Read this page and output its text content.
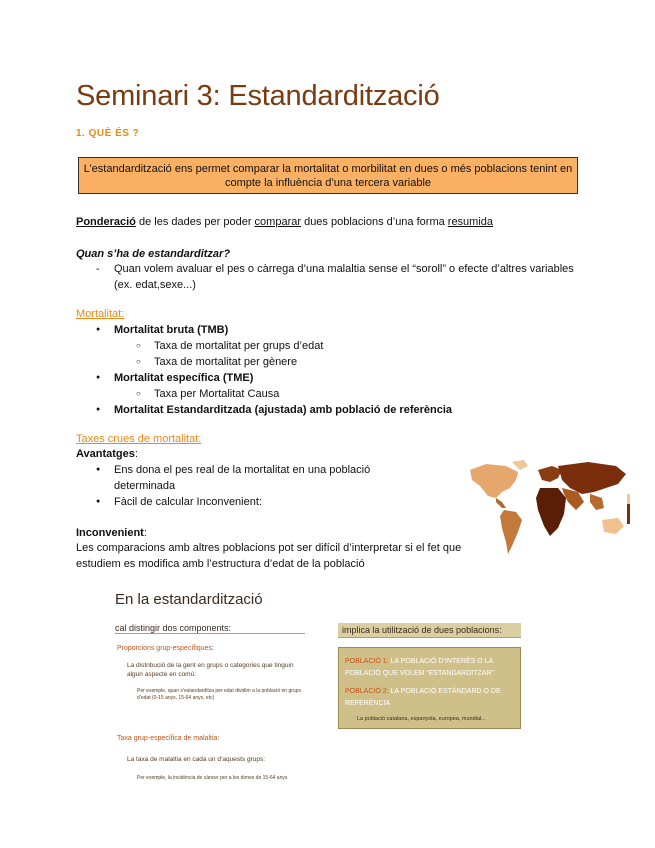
Seminari 3: Estandardització
1. QUÈ ÉS ?
L’estandardització ens permet comparar la mortalitat o morbilitat en dues o més poblacions tenint en compte la influència d’una tercera variable
Ponderació de les dades per poder comparar dues poblacions d’una forma resumida
Quan s’ha de estandarditzar?
- Quan volem avaluar el pes o càrrega d’una malaltia sense el “soroll” o efecte d’altres variables (ex. edat,sexe...)
Mortalitat:
● Mortalitat bruta (TMB)
○ Taxa de mortalitat per grups d’edat
○ Taxa de mortalitat per gènere
● Mortalitat específica (TME)
○ Taxa per Mortalitat Causa
● Mortalitat Estandarditzada (ajustada) amb població de referència
Taxes crues de mortalitat:
Avantatges:
● Ens dona el pes real de la mortalitat en una població determinada
● Fàcil de calcular Inconvenient:
Inconvenient:
Les comparacions amb altres poblacions pot ser difícil d’interpretar si el fet que estudiem es modifica amb l’estructura d’edat de la població
En la estandardització
cal distingir dos components:	implica la utilització de dues poblacions:
Proporcions grup-específiques:
La distribució de la gent en grups o categories que tinguin algun aspecte en comú:
Per exemple, quan s’estandarditza per edat dividim a la població en grups d’edat (0-15 anys, 15-64 anys, etc)
Taxa grup-específica de malaltia:
La taxa de malaltia en cada un d’aquests grups:
Per exemple, la incidència de càncer per a les dones de 15-64 anys
POBLACIÓ 1: LA POBLACIÓ D’INTERÈS O LA POBLACIÓ QUE VOLEM “ESTANDARDITZAR”
POBLACIÓ 2: LA POBLACIÓ ESTÀNDARD O DE REFERÈNCIA
La població catalana, espanyola, europea, mundial...
